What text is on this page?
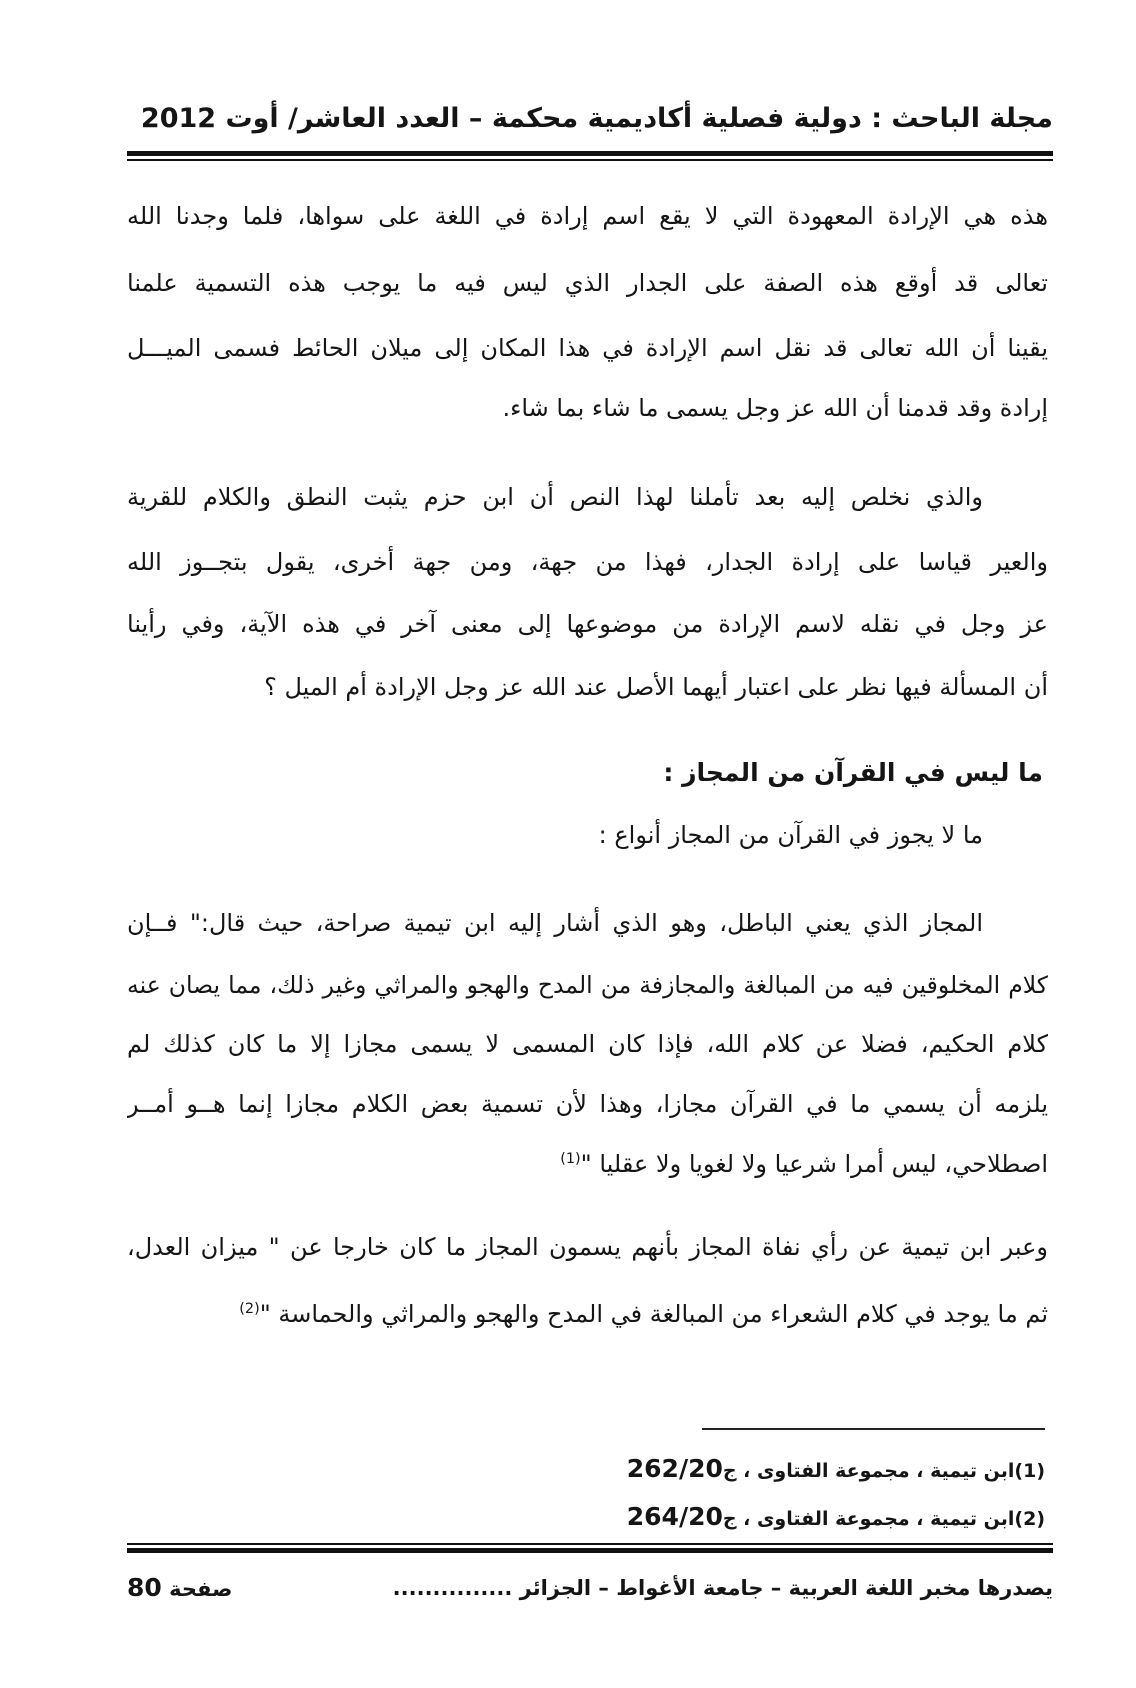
مجلة الباحث : دولية فصلية أكاديمية محكمة – العدد العاشر/ أوت 2012
هذه هي الإرادة المعهودة التي لا يقع اسم إرادة في اللغة على سواها، فلما وجدنا الله
تعالى قد أوقع هذه الصفة على الجدار الذي ليس فيه ما يوجب هذه التسمية علمنا
يقينا أن الله تعالى قد نقل اسم الإرادة في هذا المكان إلى ميلان الحائط فسمى الميـــل
إرادة وقد قدمنا أن الله عز وجل يسمى ما شاء بما شاء.
والذي نخلص إليه بعد تأملنا لهذا النص أن ابن حزم يثبت النطق والكلام للقرية
والعير قياسا على إرادة الجدار، فهذا من جهة، ومن جهة أخرى، يقول بتجــوز الله
عز وجل في نقله لاسم الإرادة من موضوعها إلى معنى آخر في هذه الآية، وفي رأينا
أن المسألة فيها نظر على اعتبار أيهما الأصل عند الله عز وجل الإرادة أم الميل ؟
ما ليس في القرآن من المجاز :
ما لا يجوز في القرآن من المجاز أنواع :
المجاز الذي يعني الباطل، وهو الذي أشار إليه ابن تيمية صراحة، حيث قال:" فــإن
كلام المخلوقين فيه من المبالغة والمجازفة من المدح والهجو والمراثي وغير ذلك، مما يصان عنه
كلام الحكيم، فضلا عن كلام الله، فإذا كان المسمى لا يسمى مجازا إلا ما كان كذلك لم
يلزمه أن يسمي ما في القرآن مجازا، وهذا لأن تسمية بعض الكلام مجازا إنما هــو أمــر
اصطلاحي، ليس أمرا شرعيا ولا لغويا ولا عقليا "$^{(1)}$
وعبر ابن تيمية عن رأي نفاة المجاز بأنهم يسمون المجاز ما كان خارجا عن " ميزان العدل،
ثم ما يوجد في كلام الشعراء من المبالغة في المدح والهجو والمراثي والحماسة "$^{(2)}$
(1)ابن تيمية ، مجموعة الفتاوى ، ج262/20
(2)ابن تيمية ، مجموعة الفتاوى ، ج264/20
يصدرها مخبر اللغة العربية – جامعة الأغواط – الجزائر ...............
صفحة 80
